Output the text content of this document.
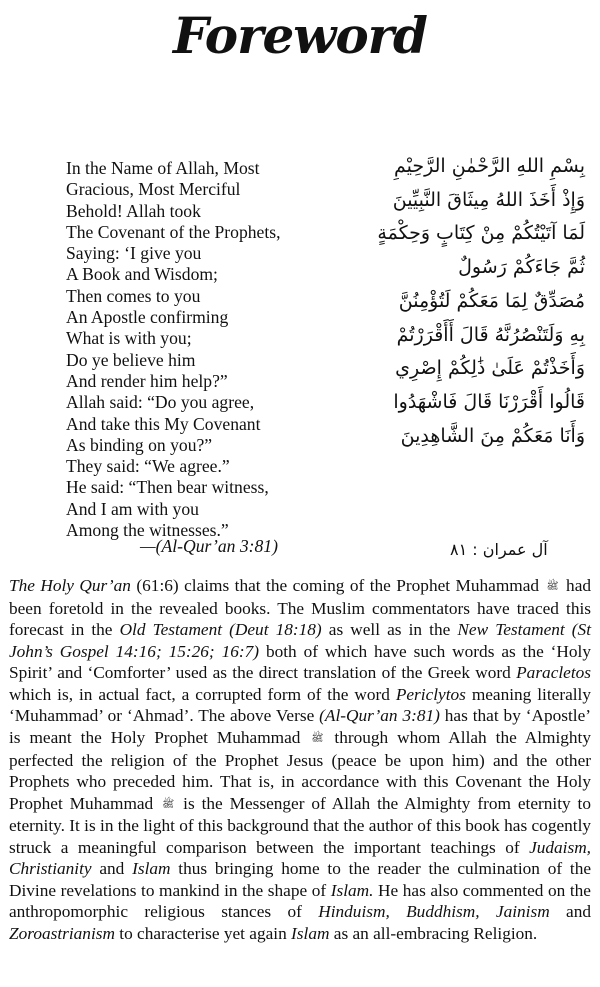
Foreword
In the Name of Allah, Most
Gracious, Most Merciful
Behold! Allah took
The Covenant of the Prophets,
Saying: ‘I give you
A Book and Wisdom;
Then comes to you
An Apostle confirming
What is with you;
Do ye believe him
And render him help?”
Allah said: “Do you agree,
And take this My Covenant
As binding on you?”
They said: “We agree.”
He said: “Then bear witness,
And I am with you
Among the witnesses.”
—(Al-Qur’an 3:81)
بِسْمِ اللهِ الرَّحْمٰنِ الرَّحِيْمِ
وَإِذْ أَخَذَ اللهُ مِيثَاقَ النَّبِيِّينَ
لَمَا آتَيْتُكُمْ مِنْ كِتَابٍ وَحِكْمَةٍ
ثُمَّ جَاءَكُمْ رَسُولٌ
مُصَدِّقٌ لِمَا مَعَكُمْ لَتُؤْمِنُنَّ
بِهِ وَلَتَنْصُرُنَّهُ قَالَ أَأَقْرَرْتُمْ
وَأَخَذْتُمْ عَلَىٰ ذَٰلِكُمْ إِصْرِي
قَالُوا أَقْرَرْنَا قَالَ فَاشْهَدُوا
وَأَنَا مَعَكُمْ مِنَ الشَّاهِدِينَ
آل عمران : ٨١
The Holy Qur’an (61:6) claims that the coming of the Prophet Muhammad ﷺ had been foretold in the revealed books. The Muslim commentators have traced this forecast in the Old Testament (Deut 18:18) as well as in the New Testament (St John’s Gospel 14:16; 15:26; 16:7) both of which have such words as the ‘Holy Spirit’ and ‘Comforter’ used as the direct translation of the Greek word Paracletos which is, in actual fact, a corrupted form of the word Periclytos meaning literally ‘Muhammad’ or ‘Ahmad’. The above Verse (Al-Qur’an 3:81) has that by ‘Apostle’ is meant the Holy Prophet Muhammad ﷺ through whom Allah the Almighty perfected the religion of the Prophet Jesus (peace be upon him) and the other Prophets who preceded him. That is, in accordance with this Covenant the Holy Prophet Muhammad ﷺ is the Messenger of Allah the Almighty from eternity to eternity. It is in the light of this background that the author of this book has cogently struck a meaningful comparison between the important teachings of Judaism, Christianity and Islam thus bringing home to the reader the culmination of the Divine revelations to mankind in the shape of Islam. He has also commented on the anthropomorphic religious stances of Hinduism, Buddhism, Jainism and Zoroastrianism to characterise yet again Islam as an all-embracing Religion.
